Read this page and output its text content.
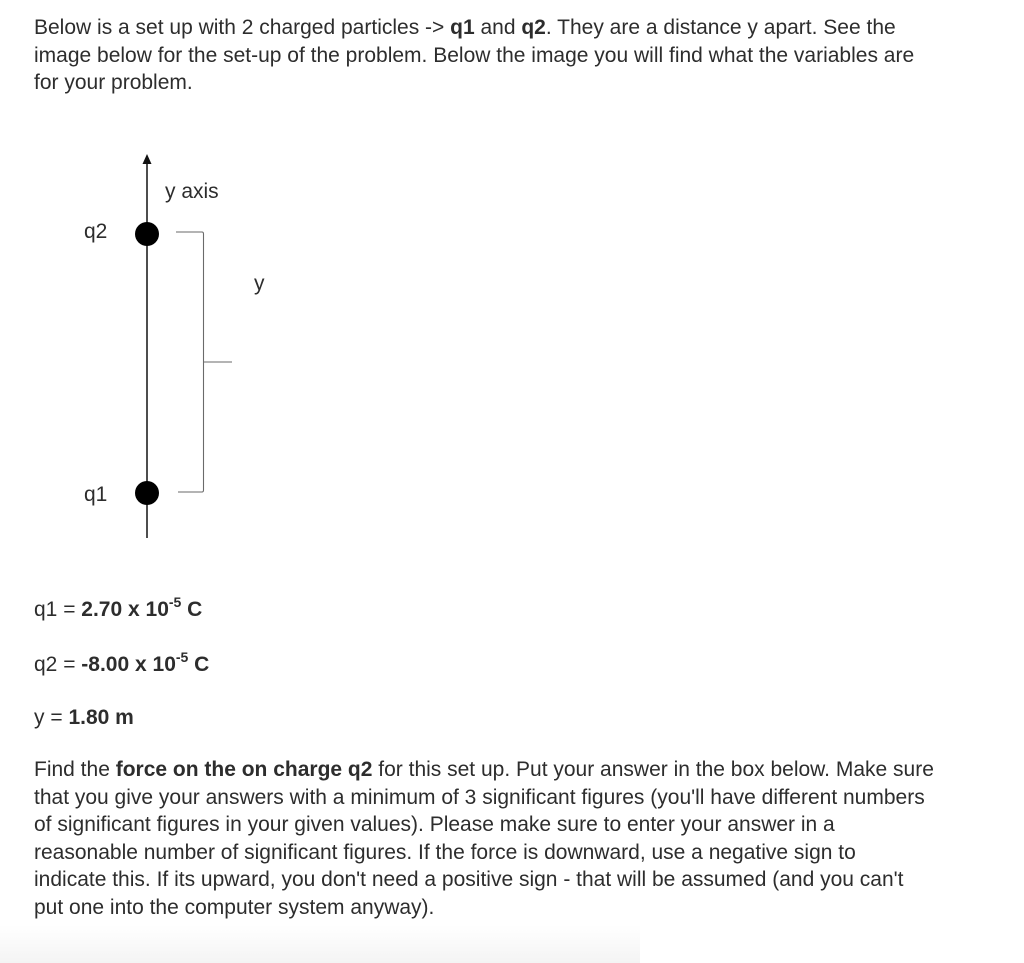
Below is a set up with 2 charged particles -> q1 and q2. They are a distance y apart. See the image below for the set-up of the problem. Below the image you will find what the variables are for your problem.
y axis
q2
q1
y
q1 = 2.70 x $10^{-5}$ C
q2 = -8.00 x $10^{-5}$ C
y = 1.80 m
Find the force on the on charge q2 for this set up. Put your answer in the box below. Make sure that you give your answers with a minimum of 3 significant figures (you'll have different numbers of significant figures in your given values). Please make sure to enter your answer in a reasonable number of significant figures. If the force is downward, use a negative sign to indicate this. If its upward, you don't need a positive sign - that will be assumed (and you can't put one into the computer system anyway).
